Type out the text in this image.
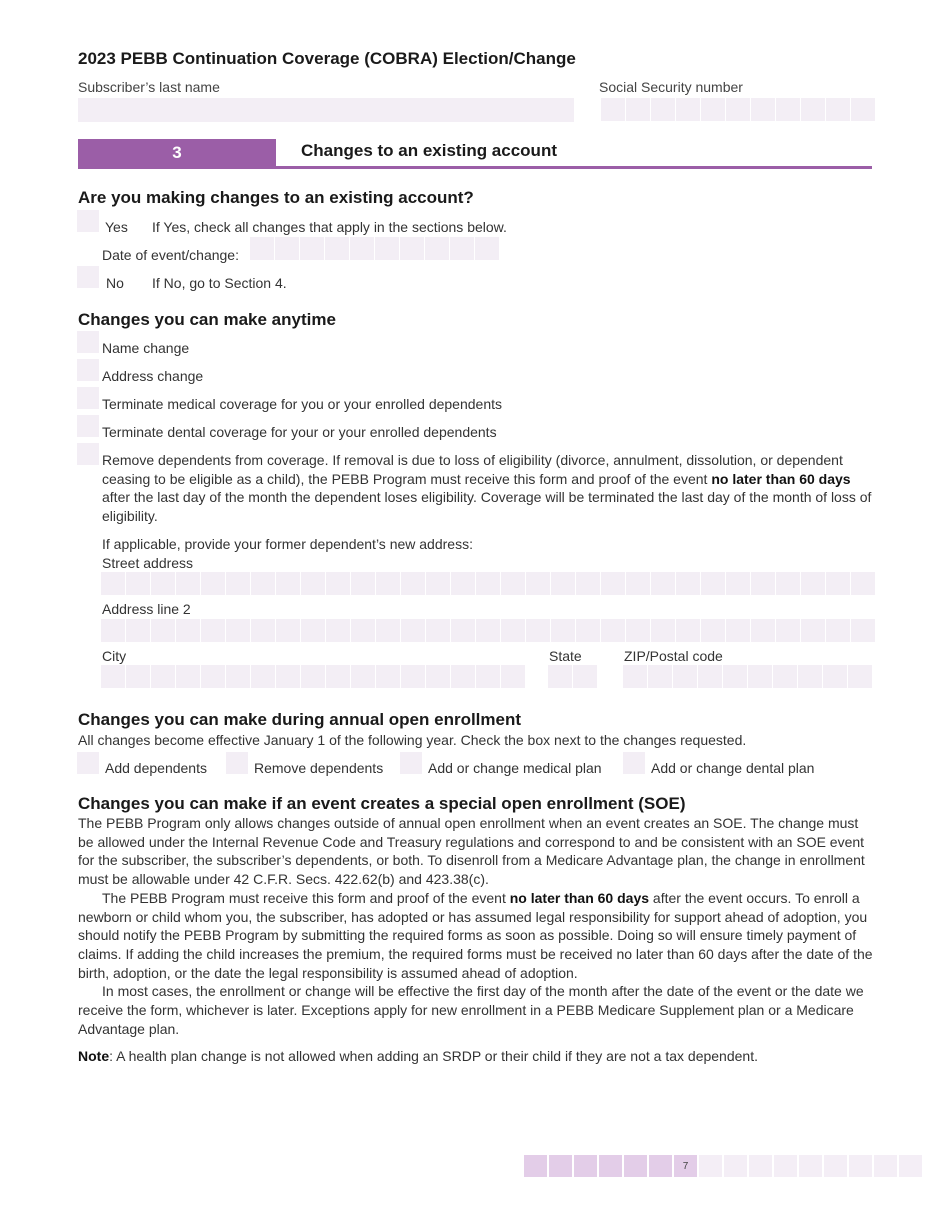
2023 PEBB Continuation Coverage (COBRA) Election/Change
Subscriber’s last name	Social Security number
3	Changes to an existing account
Are you making changes to an existing account?
Yes If Yes, check all changes that apply in the sections below.
Date of event/change:
No If No, go to Section 4.
Changes you can make anytime
Name change
Address change
Terminate medical coverage for you or your enrolled dependents
Terminate dental coverage for your or your enrolled dependents
Remove dependents from coverage. If removal is due to loss of eligibility (divorce, annulment, dissolution, or dependent ceasing to be eligible as a child), the PEBB Program must receive this form and proof of the event no later than 60 days after the last day of the month the dependent loses eligibility. Coverage will be terminated the last day of the month of loss of eligibility.
If applicable, provide your former dependent’s new address:
Street address
Address line 2
City	State	ZIP/Postal code
Changes you can make during annual open enrollment
All changes become effective January 1 of the following year. Check the box next to the changes requested.
Add dependents	Remove dependents	Add or change medical plan	Add or change dental plan
Changes you can make if an event creates a special open enrollment (SOE)
The PEBB Program only allows changes outside of annual open enrollment when an event creates an SOE. The change must be allowed under the Internal Revenue Code and Treasury regulations and correspond to and be consistent with an SOE event for the subscriber, the subscriber’s dependents, or both. To disenroll from a Medicare Advantage plan, the change in enrollment must be allowable under 42 C.F.R. Secs. 422.62(b) and 423.38(c).
The PEBB Program must receive this form and proof of the event no later than 60 days after the event occurs. To enroll a newborn or child whom you, the subscriber, has adopted or has assumed legal responsibility for support ahead of adoption, you should notify the PEBB Program by submitting the required forms as soon as possible. Doing so will ensure timely payment of claims. If adding the child increases the premium, the required forms must be received no later than 60 days after the date of the birth, adoption, or the date the legal responsibility is assumed ahead of adoption.
In most cases, the enrollment or change will be effective the first day of the month after the date of the event or the date we receive the form, whichever is later. Exceptions apply for new enrollment in a PEBB Medicare Supplement plan or a Medicare Advantage plan.
Note: A health plan change is not allowed when adding an SRDP or their child if they are not a tax dependent.
7
